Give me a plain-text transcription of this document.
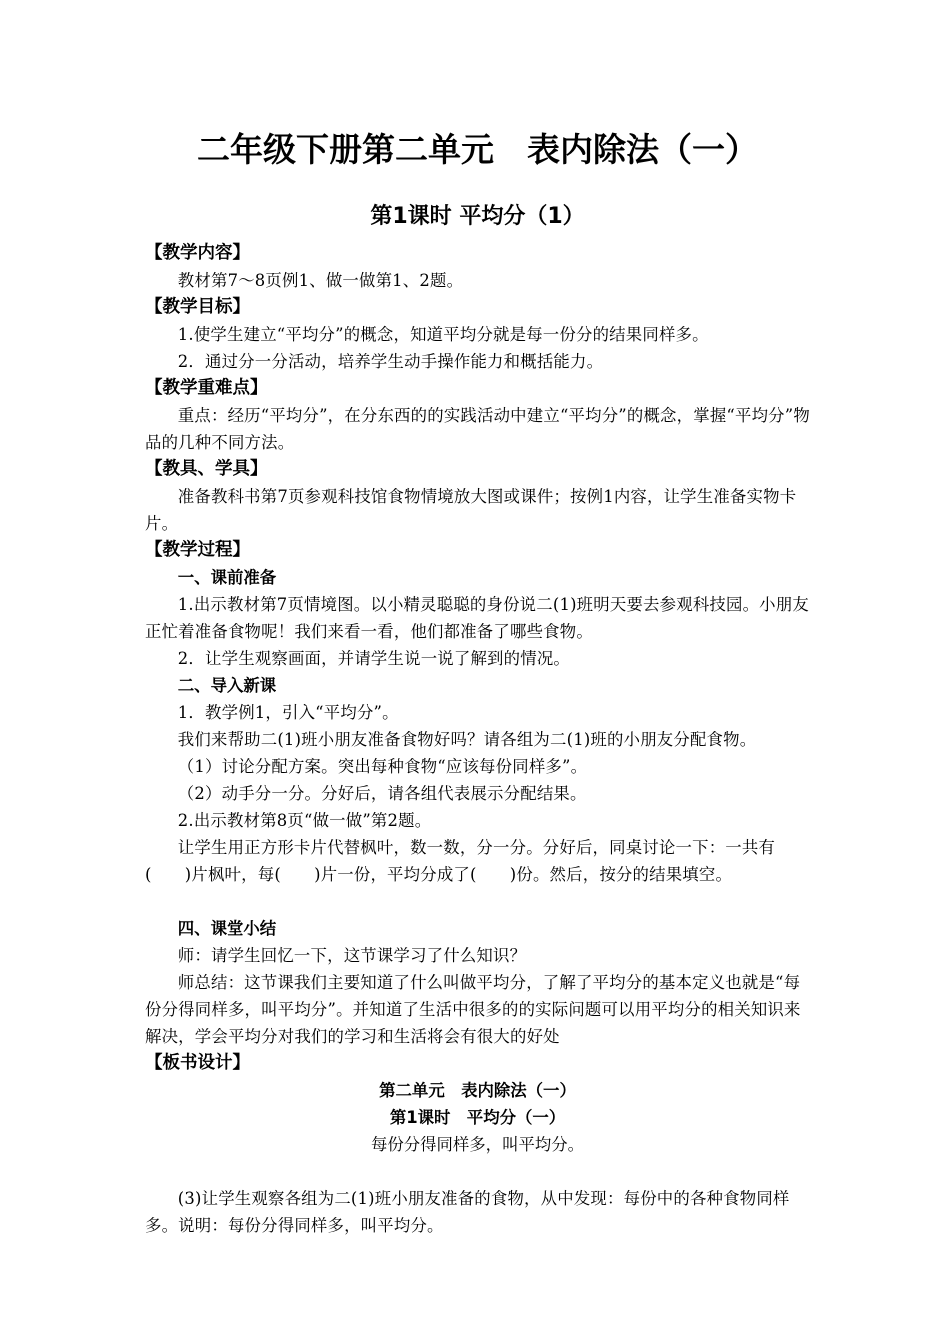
二年级下册第二单元　表内除法（一）
第1课时 平均分（1）
【教学内容】

教材第7～8页例1、做一做第1、2题。

【教学目标】

1.使学生建立“平均分”的概念，知道平均分就是每一份分的结果同样多。

2．通过分一分活动，培养学生动手操作能力和概括能力。

【教学重难点】

重点：经历“平均分”，在分东西的的实践活动中建立“平均分”的概念，掌握“平均分”物品的几种不同方法。

【教具、学具】

准备教科书第7页参观科技馆食物情境放大图或课件；按例1内容，让学生准备实物卡片。

【教学过程】
一、课前准备

1.出示教材第7页情境图。以小精灵聪聪的身份说二(1)班明天要去参观科技园。小朋友正忙着准备食物呢！我们来看一看，他们都准备了哪些食物。

2．让学生观察画面，并请学生说一说了解到的情况。

二、导入新课

1．教学例1，引入“平均分”。

我们来帮助二(1)班小朋友准备食物好吗？请各组为二(1)班的小朋友分配食物。

（1）讨论分配方案。突出每种食物“应该每份同样多”。

（2）动手分一分。分好后，请各组代表展示分配结果。

2.出示教材第8页“做一做”第2题。

让学生用正方形卡片代替枫叶，数一数，分一分。分好后，同桌讨论一下：一共有(　　)片枫叶，每(　　)片一份，平均分成了(　　)份。然后，按分的结果填空。

四、课堂小结

师：请学生回忆一下，这节课学习了什么知识？

师总结：这节课我们主要知道了什么叫做平均分，了解了平均分的基本定义也就是“每份分得同样多，叫平均分”。并知道了生活中很多的的实际问题可以用平均分的相关知识来解决，学会平均分对我们的学习和生活将会有很大的好处

【板书设计】
第二单元　表内除法（一）
第1课时　平均分（一）
每份分得同样多，叫平均分。

(3)让学生观察各组为二(1)班小朋友准备的食物，从中发现：每份中的各种食物同样多。说明：每份分得同样多，叫平均分。
